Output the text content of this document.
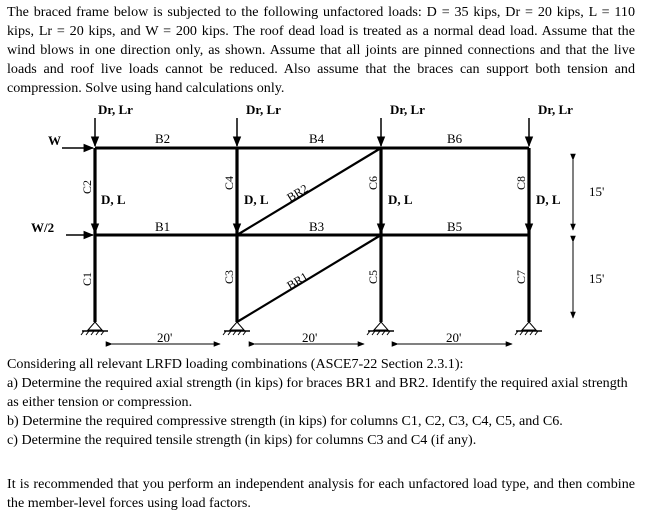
The braced frame below is subjected to the following unfactored loads: D = 35 kips, Dr = 20 kips, L = 110 kips, Lr = 20 kips, and W = 200 kips. The roof dead load is treated as a normal dead load. Assume that the wind blows in one direction only, as shown. Assume that all joints are pinned connections and that the live loads and roof live loads cannot be reduced. Also assume that the braces can support both tension and compression. Solve using hand calculations only.

Dr, Lr	Dr, Lr	Dr, Lr	Dr, Lr
D, L	D, L	D, L	D, L
W
W/2
B2	B4	B6
B1	B3	B5
C2	C4	C6	C8
C1	C3	C5	C7
BR2
BR1
20'	20'	20'
15'
15'
Considering all relevant LRFD loading combinations (ASCE7-22 Section 2.3.1):
a) Determine the required axial strength (in kips) for braces BR1 and BR2. Identify the required axial strength as either tension or compression.
b) Determine the required compressive strength (in kips) for columns C1, C2, C3, C4, C5, and C6.
c) Determine the required tensile strength (in kips) for columns C3 and C4 (if any).

It is recommended that you perform an independent analysis for each unfactored load type, and then combine the member-level forces using load factors.
